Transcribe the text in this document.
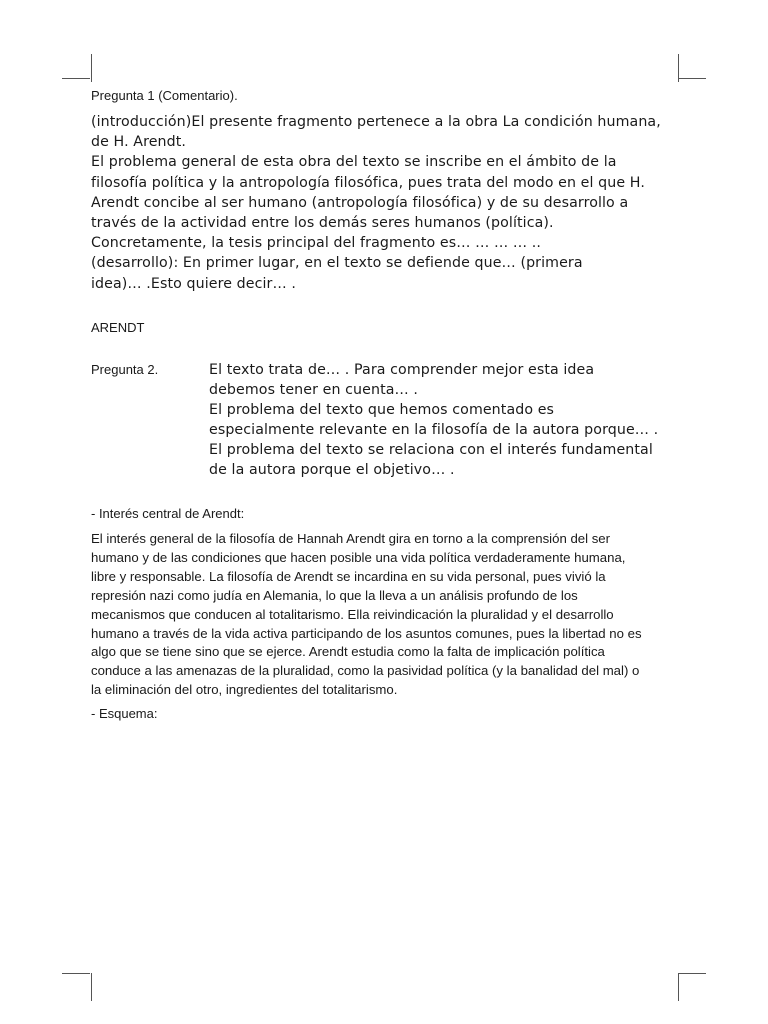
Pregunta 1 (Comentario).

(introducción)El presente fragmento pertenece a la obra La condición humana,

de H. Arendt.

El problema general de esta obra del texto se inscribe en el ámbito de la

filosofía política y la antropología filosófica, pues trata del modo en el que H.

Arendt concibe al ser humano (antropología filosófica) y de su desarrollo a

través de la actividad entre los demás seres humanos (política).

Concretamente, la tesis principal del fragmento es… … … … ..

(desarrollo): En primer lugar, en el texto se defiende que… (primera

idea)… .Esto quiere decir… .

ARENDT
Pregunta 2.	El texto trata de… . Para comprender mejor esta idea

debemos tener en cuenta… .

El problema del texto que hemos comentado es

especialmente relevante en la filosofía de la autora porque… .

El problema del texto se relaciona con el interés fundamental

de la autora porque el objetivo… .

- Interés central de Arendt:
El interés general de la filosofía de Hannah Arendt gira en torno a la comprensión del ser
humano y de las condiciones que hacen posible una vida política verdaderamente humana,
libre y responsable. La filosofía de Arendt se incardina en su vida personal, pues vivió la
represión nazi como judía en Alemania, lo que la lleva a un análisis profundo de los
mecanismos que conducen al totalitarismo. Ella reivindicación la pluralidad y el desarrollo
humano a través de la vida activa participando de los asuntos comunes, pues la libertad no es
algo que se tiene sino que se ejerce. Arendt estudia como la falta de implicación política
conduce a las amenazas de la pluralidad, como la pasividad política (y la banalidad del mal) o
la eliminación del otro, ingredientes del totalitarismo.
- Esquema:
